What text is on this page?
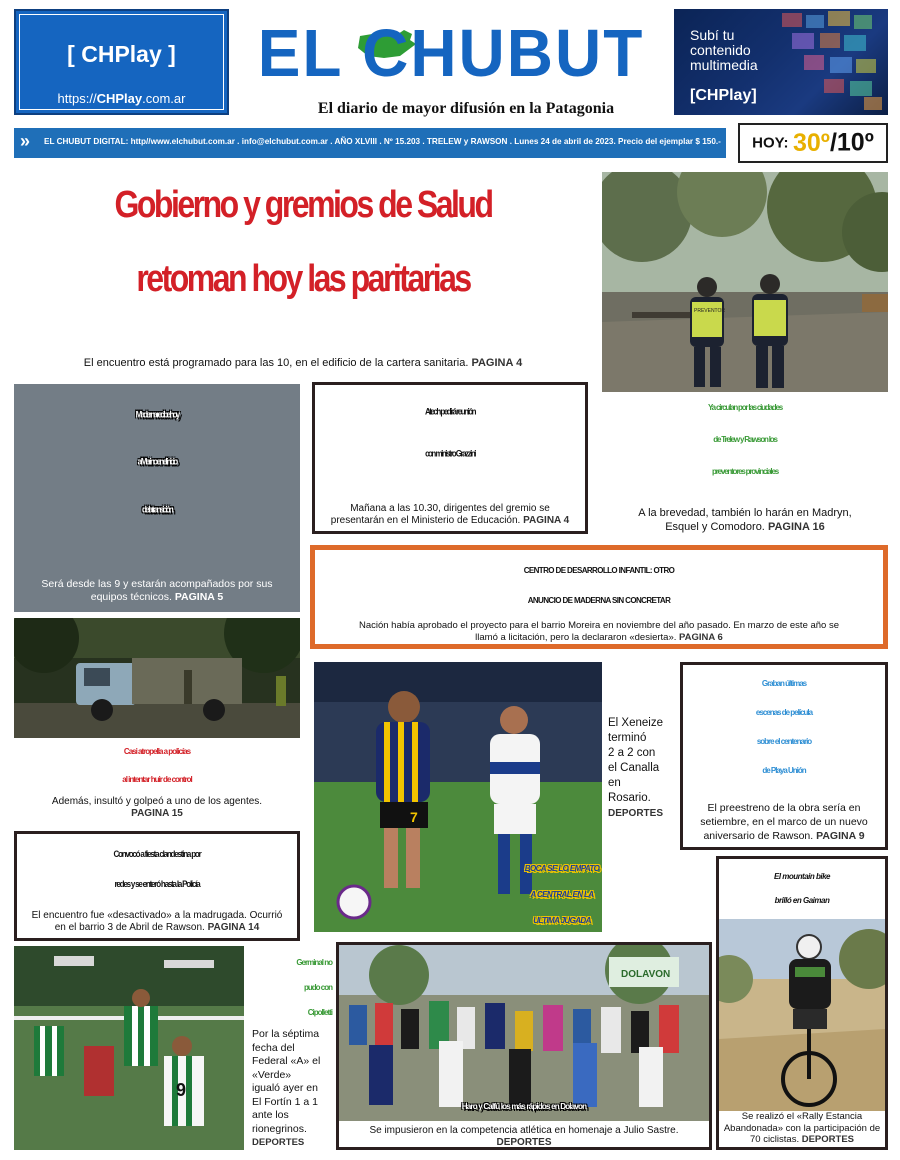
[ CHPlay ]
https://CHPlay.com.ar
EL CHUBUT
El diario de mayor difusión en la Patagonia
Subí tu
contenido
multimedia
[CHPlay]
» EL CHUBUT DIGITAL: http//www.elchubut.com.ar . info@elchubut.com.ar . AÑO XLVIII . Nº 15.203 . TRELEW y RAWSON . Lunes 24 de abril de 2023. Precio del ejemplar $ 150.-	HOY: 30º/10º
Gobierno y gremios de Salud
retoman hoy las paritarias
El encuentro está programado para las 10, en el edificio de la cartera sanitaria. PAGINA 4
PREVENTOR
Ya circulan por las ciudades
de Trelew y Rawson los
preventores provinciales
A la brevedad, también lo harán en Madryn,
Esquel y Comodoro. PAGINA 16
Maderna recibe hoy
a Merino en el inicio
de la transición
Será desde las 9 y estarán acompañados por sus
equipos técnicos. PAGINA 5
Atech pedirá reunión
con ministro Grazzini
Mañana a las 10.30, dirigentes del gremio se
presentarán en el Ministerio de Educación. PAGINA 4
CENTRO DE DESARROLLO INFANTIL: OTRO
ANUNCIO DE MADERNA SIN CONCRETAR
Nación había aprobado el proyecto para el barrio Moreira en noviembre del año pasado. En marzo de este año se
llamó a licitación, pero la declararon «desierta». PAGINA 6
Casi atropella a policías
al intentar huir de control
Además, insultó y golpeó a uno de los agentes.
PAGINA 15	7
El Xeneize
terminó
2 a 2 con
el Canalla
en
Rosario.
DEPORTES
BOCA SE LO EMPATO
A CENTRAL EN LA
ULTIMA JUGADA
Graban últimas
escenas de película
sobre el centenario
de Playa Unión
El preestreno de la obra sería en
setiembre, en el marco de un nuevo
aniversario de Rawson. PAGINA 9
Convocó a fiesta clandestina por
redes y se enteró hasta la Policía
El encuentro fue «desactivado» a la madrugada. Ocurrió
en el barrio 3 de Abril de Rawson. PAGINA 14
9
Germinal no
pudo con
Cipolletti
Por la séptima
fecha del
Federal «A» el
«Verde»
igualó ayer en
El Fortín 1 a 1
ante los
rionegrinos.
DEPORTES
DOLAVON
Haro y Calfú los más rápidos en Dolavon
Se impusieron en la competencia atlética en homenaje a Julio Sastre.
DEPORTES
El mountain bike
brilló en Gaiman
Se realizó el «Rally Estancia
Abandonada» con la participación de
70 ciclistas. DEPORTES
